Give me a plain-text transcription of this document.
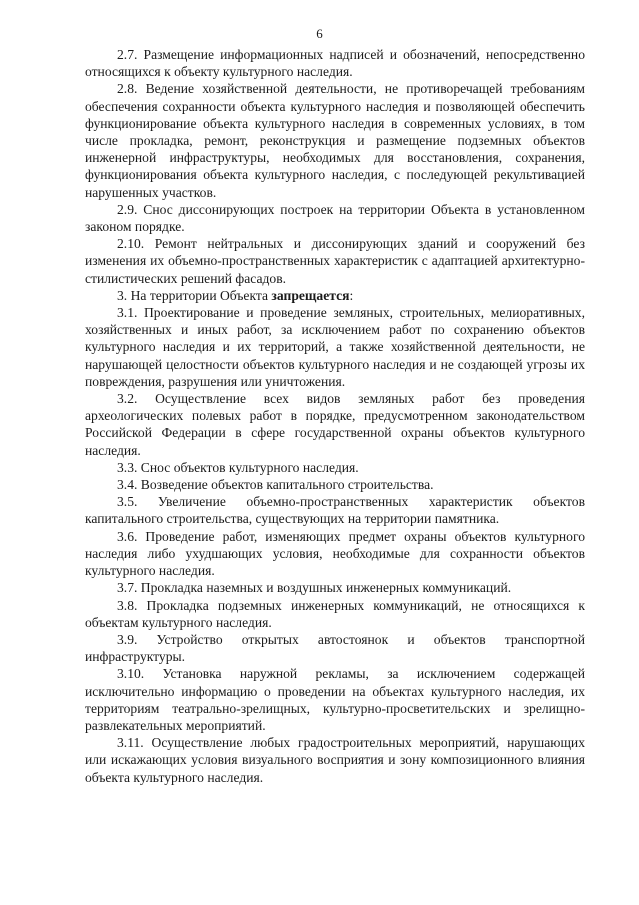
6

2.7. Размещение информационных надписей и обозначений, непосредственно относящихся к объекту культурного наследия.

2.8. Ведение хозяйственной деятельности, не противоречащей требованиям обеспечения сохранности объекта культурного наследия и позволяющей обеспечить функционирование объекта культурного наследия в современных условиях, в том числе прокладка, ремонт, реконструкция и размещение подземных объектов инженерной инфраструктуры, необходимых для восстановления, сохранения, функционирования объекта культурного наследия, с последующей рекультивацией нарушенных участков.

2.9. Снос диссонирующих построек на территории Объекта в установленном законом порядке.

2.10. Ремонт нейтральных и диссонирующих зданий и сооружений без изменения их объемно-пространственных характеристик с адаптацией архитектурно-стилистических решений фасадов.

3. На территории Объекта запрещается:

3.1. Проектирование и проведение земляных, строительных, мелиоративных, хозяйственных и иных работ, за исключением работ по сохранению объектов культурного наследия и их территорий, а также хозяйственной деятельности, не нарушающей целостности объектов культурного наследия и не создающей угрозы их повреждения, разрушения или уничтожения.

3.2. Осуществление всех видов земляных работ без проведения археологических полевых работ в порядке, предусмотренном законодательством Российской Федерации в сфере государственной охраны объектов культурного наследия.

3.3. Снос объектов культурного наследия.

3.4. Возведение объектов капитального строительства.

3.5. Увеличение объемно-пространственных характеристик объектов капитального строительства, существующих на территории памятника.

3.6. Проведение работ, изменяющих предмет охраны объектов культурного наследия либо ухудшающих условия, необходимые для сохранности объектов культурного наследия.

3.7. Прокладка наземных и воздушных инженерных коммуникаций.

3.8. Прокладка подземных инженерных коммуникаций, не относящихся к объектам культурного наследия.

3.9. Устройство открытых автостоянок и объектов транспортной инфраструктуры.

3.10. Установка наружной рекламы, за исключением содержащей исключительно информацию о проведении на объектах культурного наследия, их территориям театрально-зрелищных, культурно-просветительских и зрелищно-развлекательных мероприятий.

3.11. Осуществление любых градостроительных мероприятий, нарушающих или искажающих условия визуального восприятия и зону композиционного влияния объекта культурного наследия.
